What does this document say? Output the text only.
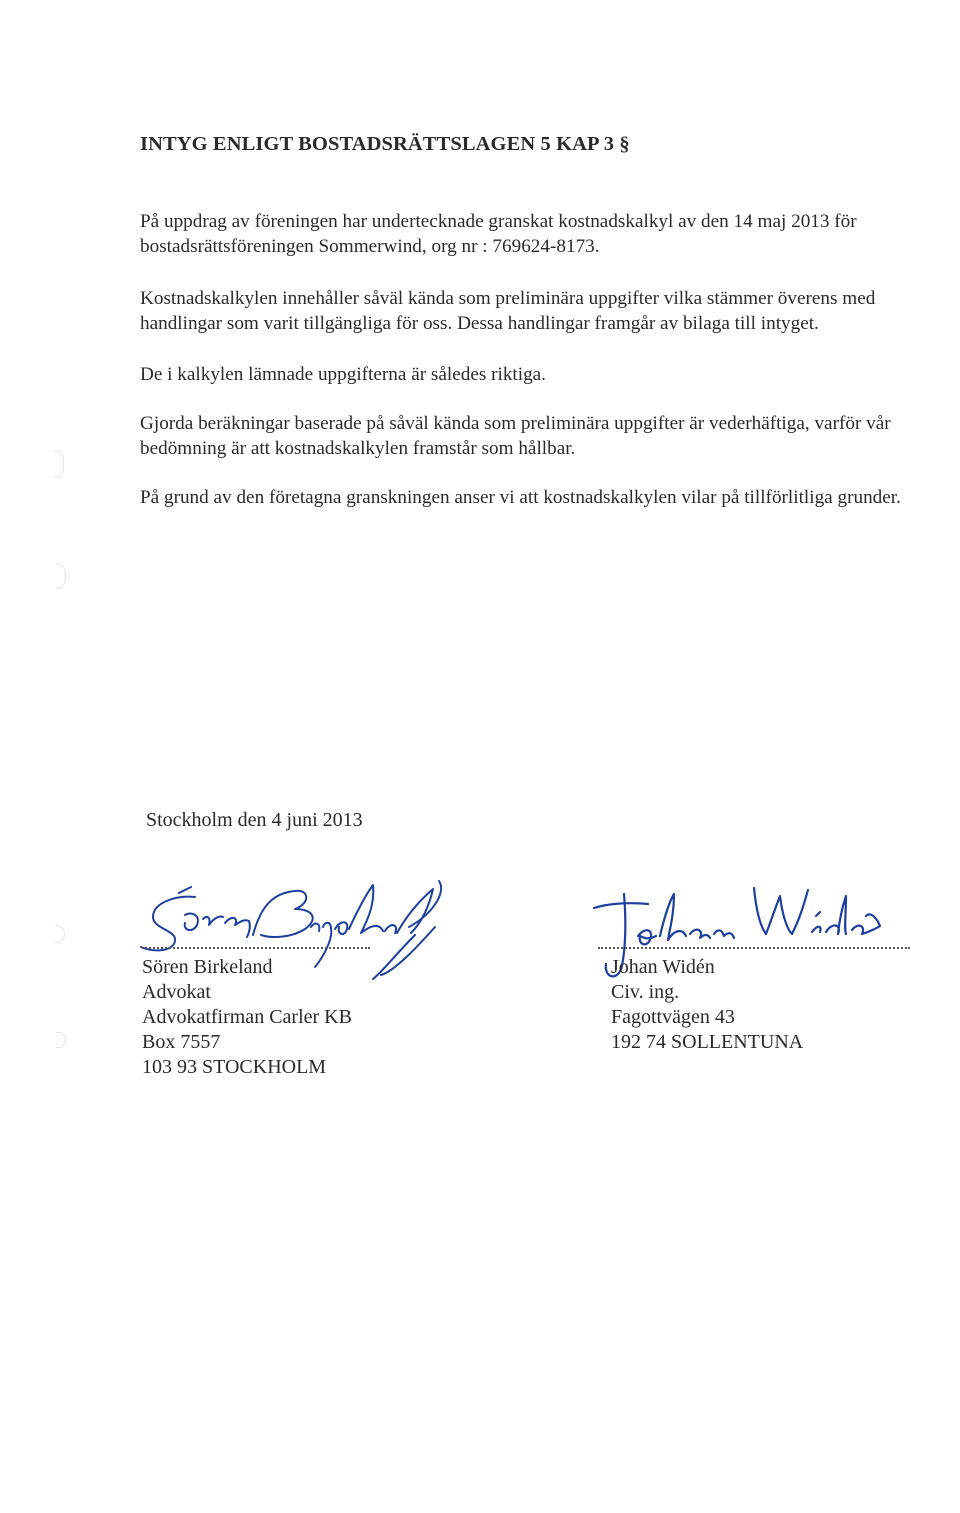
INTYG ENLIGT BOSTADSRÄTTSLAGEN 5 KAP 3 §
På uppdrag av föreningen har undertecknade granskat kostnadskalkyl av den 14 maj 2013 för bostadsrättsföreningen Sommerwind, org nr : 769624-8173.
Kostnadskalkylen innehåller såväl kända som preliminära uppgifter vilka stämmer överens med handlingar som varit tillgängliga för oss. Dessa handlingar framgår av bilaga till intyget.
De i kalkylen lämnade uppgifterna är således riktiga.
Gjorda beräkningar baserade på såväl kända som preliminära uppgifter är vederhäftiga, varför vår bedömning är att kostnadskalkylen framstår som hållbar.
På grund av den företagna granskningen anser vi att kostnadskalkylen vilar på tillförlitliga grunder.
Stockholm den 4 juni 2013
Sören Birkeland
Advokat
Advokatfirman Carler KB
Box 7557
103 93 STOCKHOLM
Johan Widén
Civ. ing.
Fagottvägen 43
192 74 SOLLENTUNA
